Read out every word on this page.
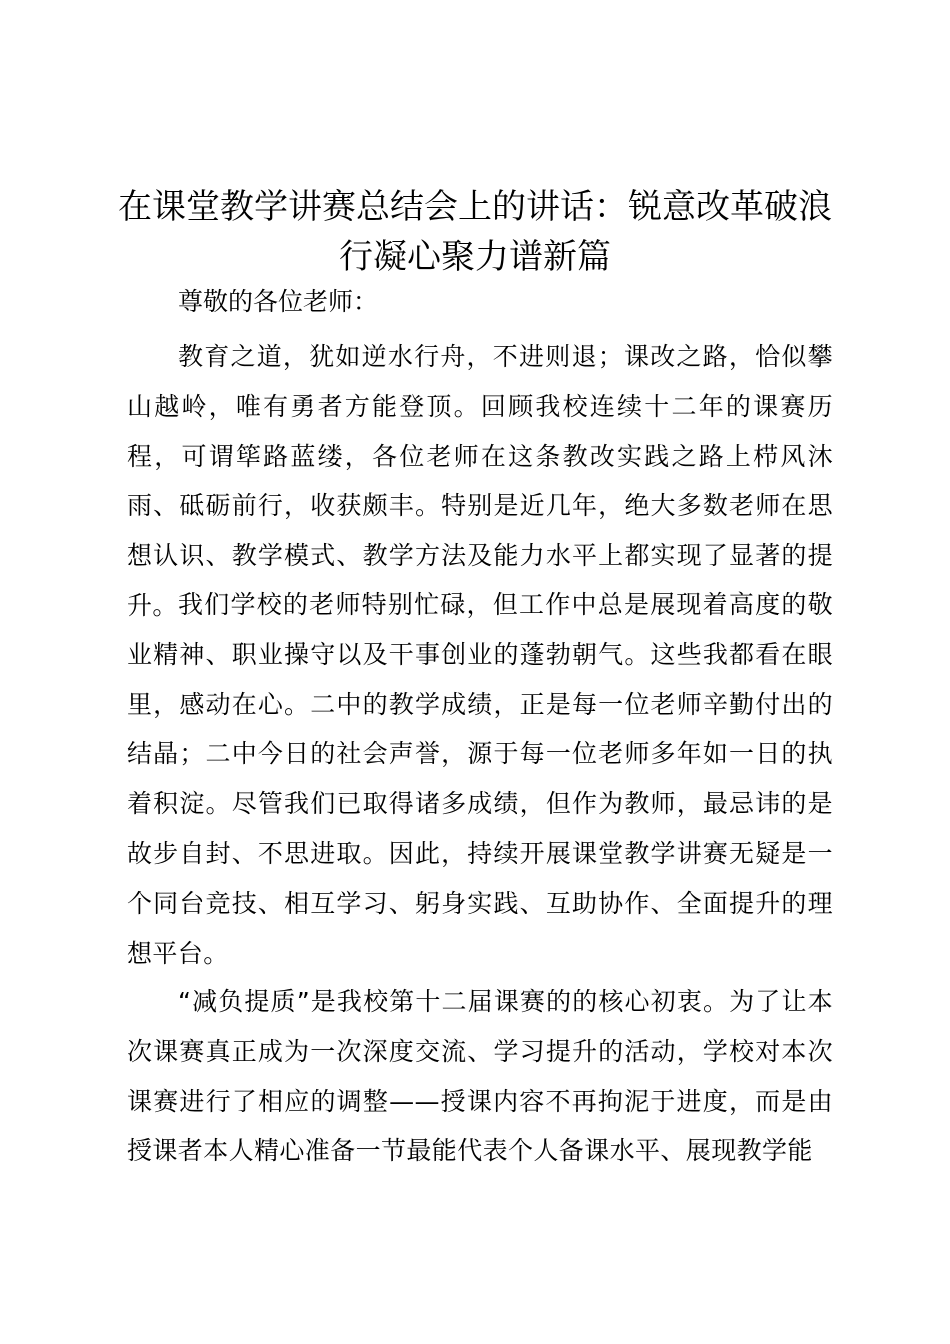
在课堂教学讲赛总结会上的讲话：锐意改革破浪行凝心聚力谱新篇

尊敬的各位老师：

教育之道，犹如逆水行舟，不进则退；课改之路，恰似攀山越岭，唯有勇者方能登顶。回顾我校连续十二年的课赛历程，可谓筚路蓝缕，各位老师在这条教改实践之路上栉风沐雨、砥砺前行，收获颇丰。特别是近几年，绝大多数老师在思想认识、教学模式、教学方法及能力水平上都实现了显著的提升。 我们学校的老师特别忙碌，但工作中总是展现着高度的敬业精神、职业操守以及干事创业的蓬勃朝气。这些我都看在眼里，感动在心。二中的教学成绩，正是每一位老师辛勤付出的结晶；二中今日的社会声誉，源于每一位老师多年如一日的执着积淀。尽管我们已取得诸多成绩，但作为教师，最忌讳的是故步自封、不思进取。因此，持续开展课堂教学讲赛无疑是一个同台竞技、相互学习、躬身实践、互助协作、全面提升的理想平台。

“减负提质”是我校第十二届课赛的的核心初衷。为了让本次课赛真正成为一次深度交流、学习提升的活动，学校对本次课赛进行了相应的调整——授课内容不再拘泥于进度，而是由授课者本人精心准备一节最能代表个人备课水平、展现教学能
